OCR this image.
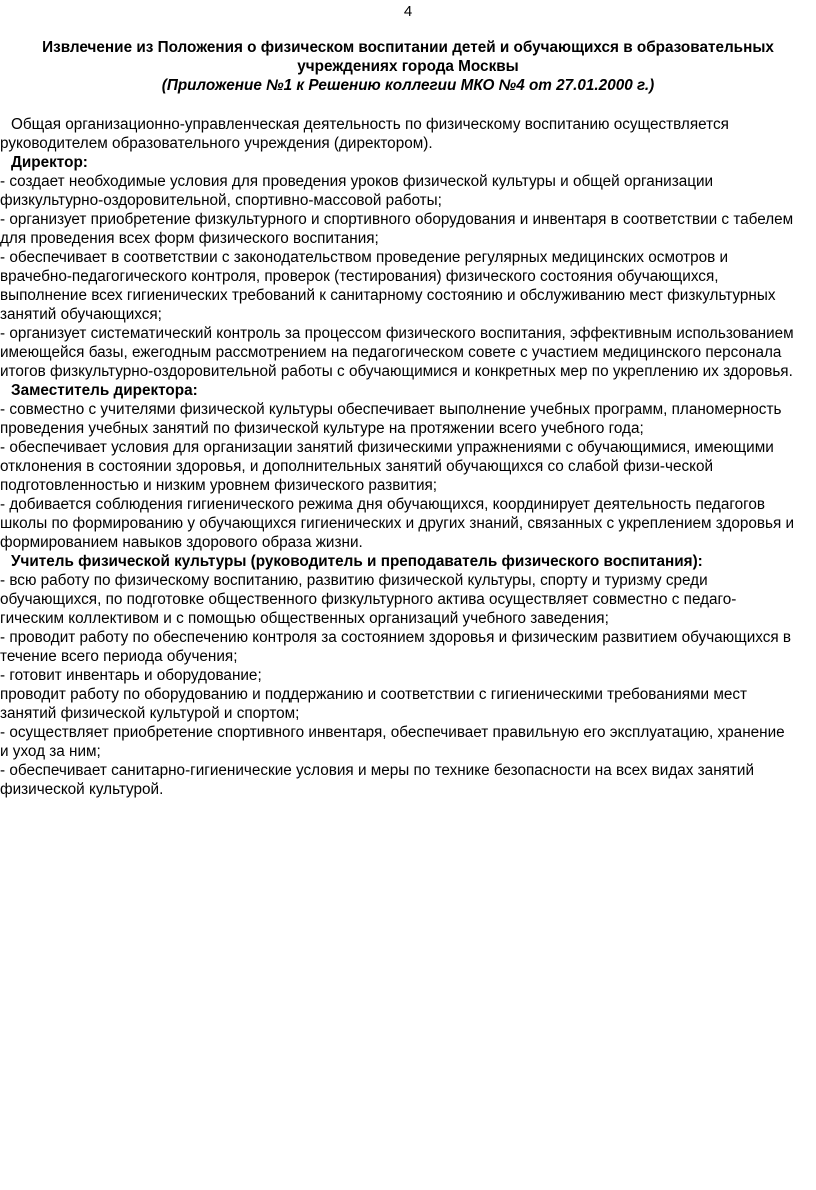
4
Извлечение из Положения о физическом воспитании детей и обучающихся в образовательных
учреждениях города Москвы
(Приложение №1 к Решению коллегии МКО №4 от 27.01.2000 г.)

Общая организационно-управленческая деятельность по физическому воспитанию осуществляется руководителем образовательного учреждения (директором).

Директор:

- создает необходимые условия для проведения уроков физической культуры и общей организации физкультурно-оздоровительной, спортивно-массовой работы;

- организует приобретение физкультурного и спортивного оборудования и инвентаря в соответствии с табелем для проведения всех форм физического воспитания;

- обеспечивает в соответствии с законодательством проведение регулярных медицинских осмотров и врачебно-педагогического контроля, проверок (тестирования) физического состояния обучающихся, выполнение всех гигиенических требований к санитарному состоянию и обслуживанию мест физкультурных занятий обучающихся;

- организует систематический контроль за процессом физического воспитания, эффективным использованием имеющейся базы, ежегодным рассмотрением на педагогическом совете с участием медицинского персонала итогов физкультурно-оздоровительной работы с обучающимися и конкретных мер по укреплению их здоровья.

Заместитель директора:

- совместно с учителями физической культуры обеспечивает выполнение учебных программ, планомерность проведения учебных занятий по физической культуре на протяжении всего учебного года;

- обеспечивает условия для организации занятий физическими упражнениями с обучающимися, имеющими отклонения в состоянии здоровья, и дополнительных занятий обучающихся со слабой физи-ческой подготовленностью и низким уровнем физического развития;

- добивается соблюдения гигиенического режима дня обучающихся, координирует деятельность педагогов школы по формированию у обучающихся гигиенических и других знаний, связанных с укреплением здоровья и формированием навыков здорового образа жизни.

Учитель физической культуры (руководитель и преподаватель физического воспитания):

- всю работу по физическому воспитанию, развитию физической культуры, спорту и туризму среди обучающихся, по подготовке общественного физкультурного актива осуществляет совместно с педаго-гическим коллективом и с помощью общественных организаций учебного заведения;

- проводит работу по обеспечению контроля за состоянием здоровья и физическим развитием обучающихся в течение всего периода обучения;

- готовит инвентарь и оборудование;

проводит работу по оборудованию и поддержанию и соответствии с гигиеническими требованиями мест занятий физической культурой и спортом;

- осуществляет приобретение спортивного инвентаря, обеспечивает правильную его эксплуатацию, хранение и уход за ним;

- обеспечивает санитарно-гигиенические условия и меры по технике безопасности на всех видах занятий физической культурой.
